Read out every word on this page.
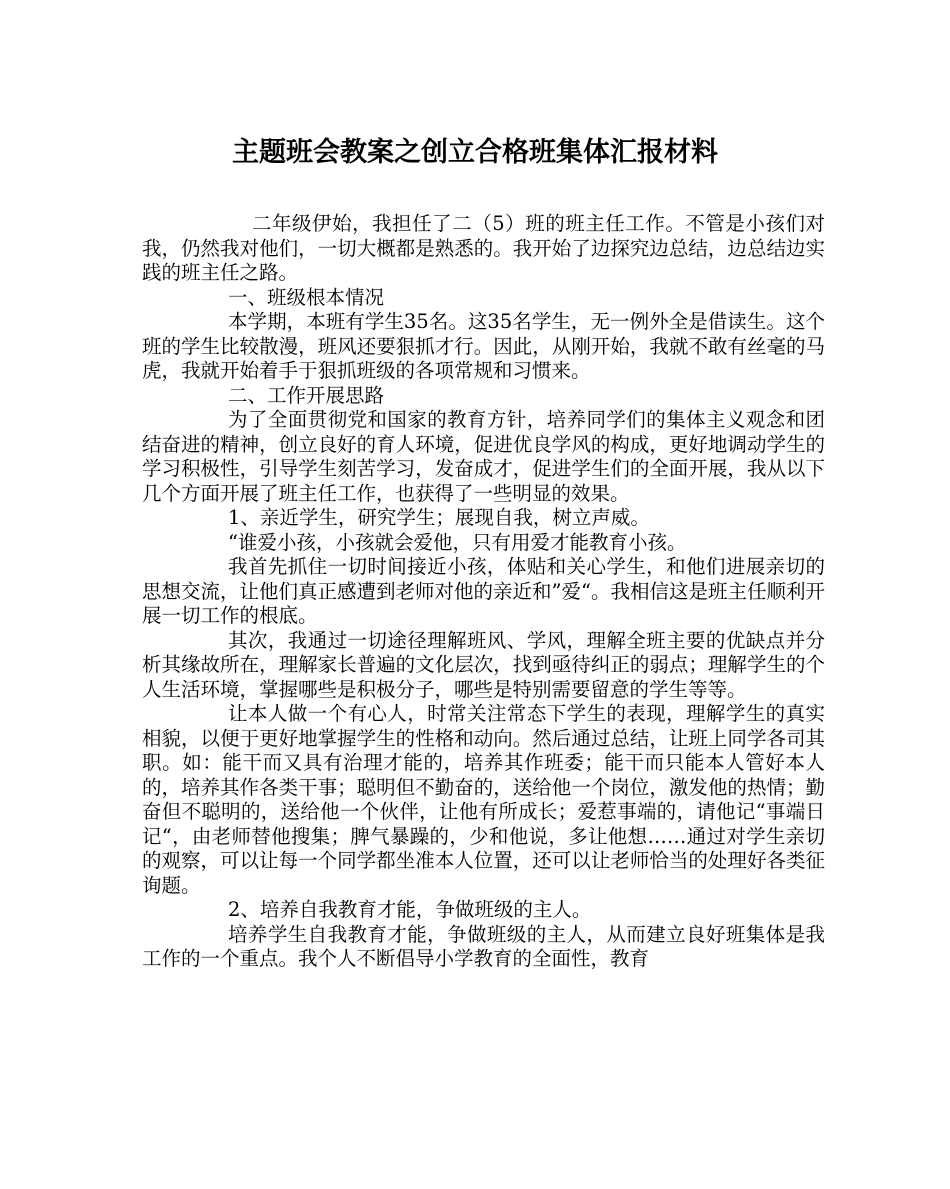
主题班会教案之创立合格班集体汇报材料

二年级伊始，我担任了二（5）班的班主任工作。不管是小孩们对我，仍然我对他们，一切大概都是熟悉的。我开始了边探究边总结，边总结边实践的班主任之路。

一、班级根本情况

本学期，本班有学生35名。这35名学生，无一例外全是借读生。这个班的学生比较散漫，班风还要狠抓才行。因此，从刚开始，我就不敢有丝毫的马虎，我就开始着手于狠抓班级的各项常规和习惯来。

二、工作开展思路

为了全面贯彻党和国家的教育方针，培养同学们的集体主义观念和团结奋进的精神，创立良好的育人环境，促进优良学风的构成，更好地调动学生的学习积极性，引导学生刻苦学习，发奋成才，促进学生们的全面开展，我从以下几个方面开展了班主任工作，也获得了一些明显的效果。

1、亲近学生，研究学生；展现自我，树立声威。

“谁爱小孩，小孩就会爱他，只有用爱才能教育小孩。

我首先抓住一切时间接近小孩，体贴和关心学生，和他们进展亲切的思想交流，让他们真正感遭到老师对他的亲近和”爱“。我相信这是班主任顺利开展一切工作的根底。

其次，我通过一切途径理解班风、学风，理解全班主要的优缺点并分析其缘故所在，理解家长普遍的文化层次，找到亟待纠正的弱点；理解学生的个人生活环境，掌握哪些是积极分子，哪些是特别需要留意的学生等等。

让本人做一个有心人，时常关注常态下学生的表现，理解学生的真实相貌，以便于更好地掌握学生的性格和动向。然后通过总结，让班上同学各司其职。如：能干而又具有治理才能的，培养其作班委；能干而只能本人管好本人的，培养其作各类干事；聪明但不勤奋的，送给他一个岗位，激发他的热情；勤奋但不聪明的，送给他一个伙伴，让他有所成长；爱惹事端的，请他记“事端日记“，由老师替他搜集；脾气暴躁的，少和他说，多让他想……通过对学生亲切的观察，可以让每一个同学都坐准本人位置，还可以让老师恰当的处理好各类征询题。

2、培养自我教育才能，争做班级的主人。

培养学生自我教育才能，争做班级的主人，从而建立良好班集体是我工作的一个重点。我个人不断倡导小学教育的全面性，教育
